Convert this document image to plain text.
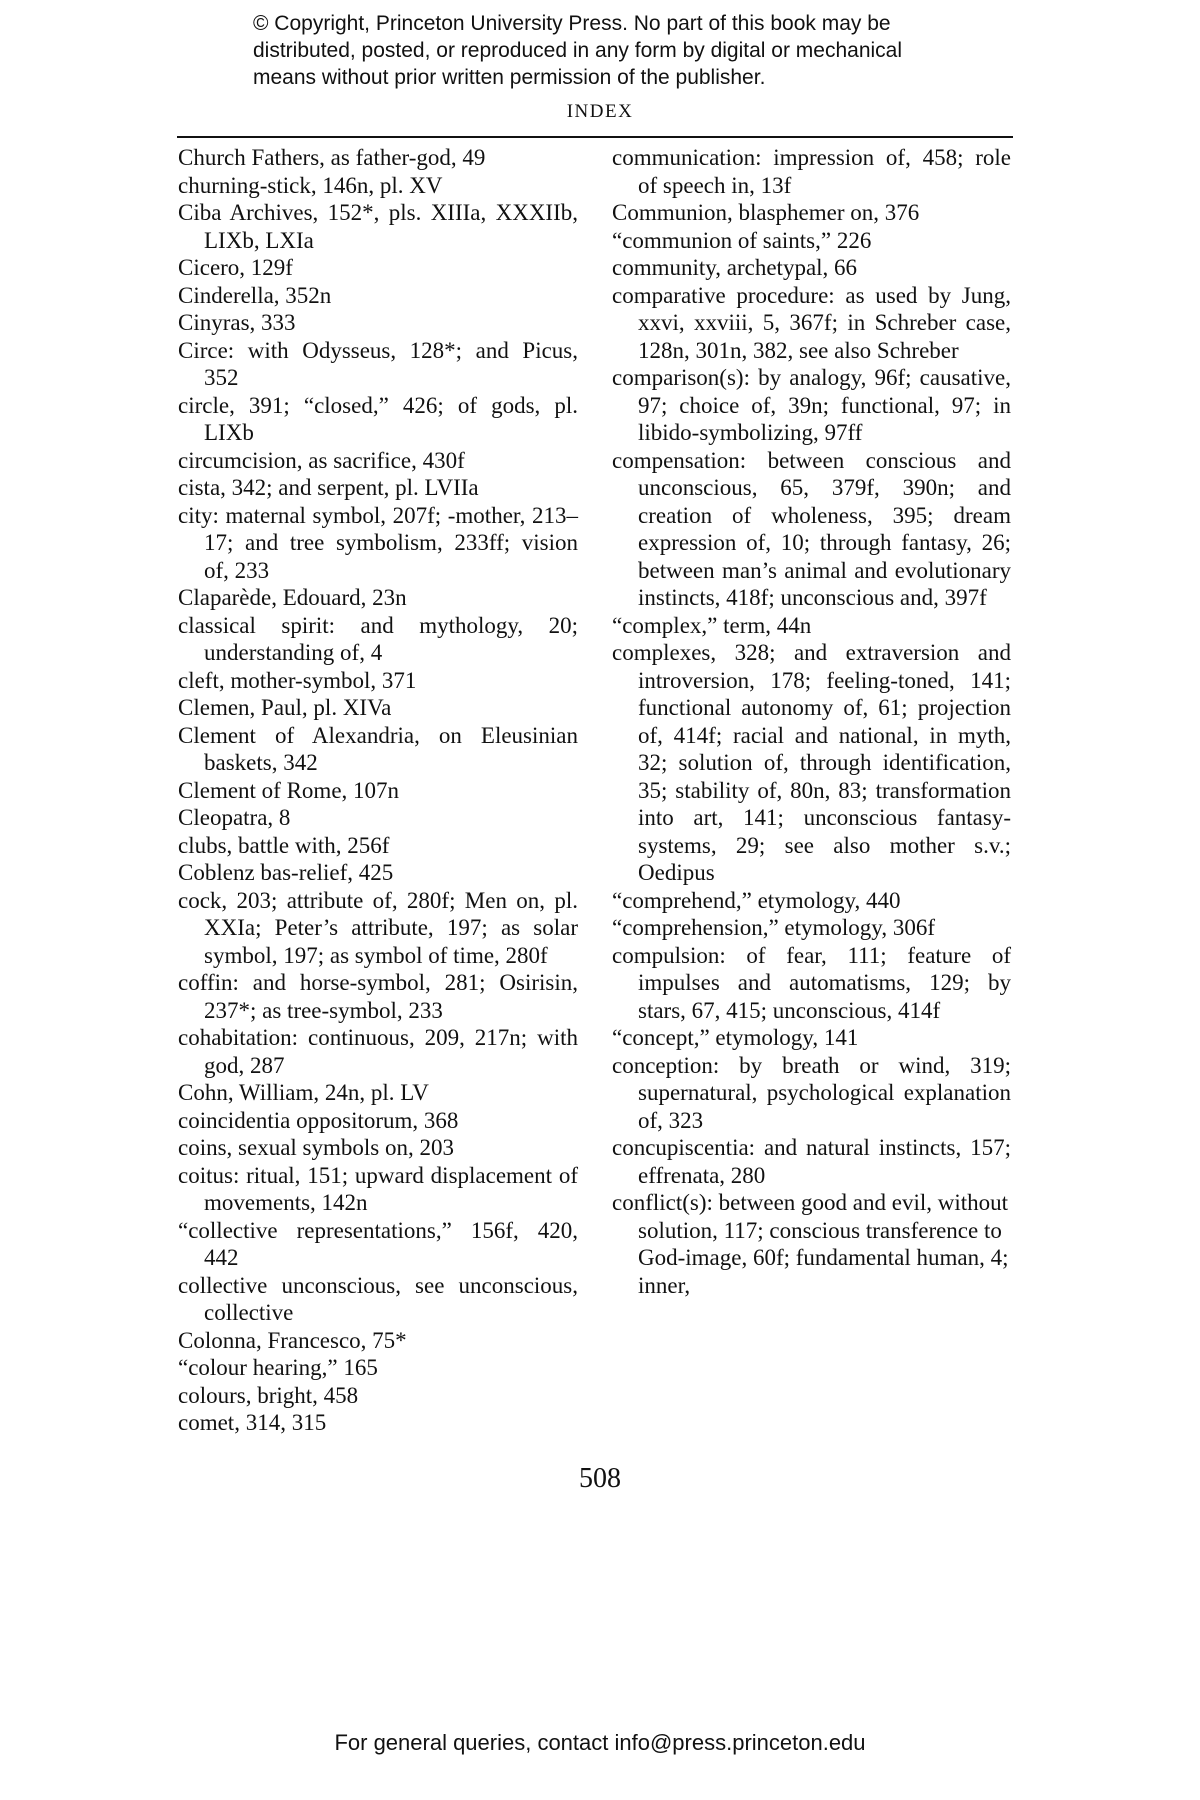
© Copyright, Princeton University Press. No part of this book may be
distributed, posted, or reproduced in any form by digital or mechanical
means without prior written permission of the publisher.
INDEX

Church Fathers, as father-god, 49

churning-stick, 146n, pl. XV

Ciba Archives, 152*, pls. XIIIa, XXXIIb, LIXb, LXIa

Cicero, 129f

Cinderella, 352n

Cinyras, 333

Circe: with Odysseus, 128*; and Picus, 352

circle, 391; “closed,” 426; of gods, pl. LIXb

circumcision, as sacrifice, 430f

cista, 342; and serpent, pl. LVIIa

city: maternal symbol, 207f; -mother, 213–17; and tree symbolism, 233ff; vision of, 233

Claparède, Edouard, 23n

classical spirit: and mythology, 20; understanding of, 4

cleft, mother-symbol, 371

Clemen, Paul, pl. XIVa

Clement of Alexandria, on Eleusinian baskets, 342

Clement of Rome, 107n

Cleopatra, 8

clubs, battle with, 256f

Coblenz bas-relief, 425

cock, 203; attribute of, 280f; Men on, pl. XXIa; Peter’s attribute, 197; as solar symbol, 197; as symbol of time, 280f

coffin: and horse-symbol, 281; Osirisin, 237*; as tree-symbol, 233

cohabitation: continuous, 209, 217n; with god, 287

Cohn, William, 24n, pl. LV

coincidentia oppositorum, 368

coins, sexual symbols on, 203

coitus: ritual, 151; upward displacement of movements, 142n

“collective representations,” 156f, 420, 442

collective unconscious, see unconscious, collective

Colonna, Francesco, 75*

“colour hearing,” 165

colours, bright, 458

comet, 314, 315

communication: impression of, 458; role of speech in, 13f

Communion, blasphemer on, 376

“communion of saints,” 226

community, archetypal, 66

comparative procedure: as used by Jung, xxvi, xxviii, 5, 367f; in Schreber case, 128n, 301n, 382, see also Schreber

comparison(s): by analogy, 96f; causative, 97; choice of, 39n; functional, 97; in libido-symbolizing, 97ff

compensation: between conscious and unconscious, 65, 379f, 390n; and creation of wholeness, 395; dream expression of, 10; through fantasy, 26; between man’s animal and evolutionary instincts, 418f; unconscious and, 397f

“complex,” term, 44n

complexes, 328; and extraversion and introversion, 178; feeling-toned, 141; functional autonomy of, 61; projection of, 414f; racial and national, in myth, 32; solution of, through identification, 35; stability of, 80n, 83; transformation into art, 141; unconscious fantasy-systems, 29; see also mother s.v.; Oedipus

“comprehend,” etymology, 440

“comprehension,” etymology, 306f

compulsion: of fear, 111; feature of impulses and automatisms, 129; by stars, 67, 415; unconscious, 414f

“concept,” etymology, 141

conception: by breath or wind, 319; supernatural, psychological explanation of, 323

concupiscentia: and natural instincts, 157; effrenata, 280

conflict(s): between good and evil, without solution, 117; conscious transference to God-image, 60f; fundamental human, 4; inner,

508
For general queries, contact info@press.princeton.edu
